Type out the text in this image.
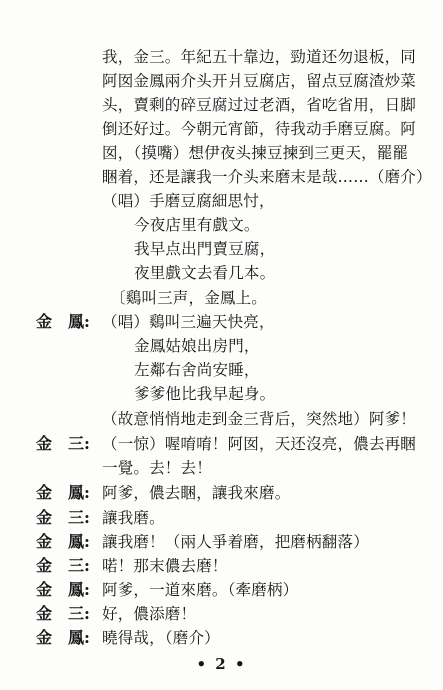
我，金三。年紀五十靠边，勁道还勿退板，同
阿囡金鳳兩介头开爿豆腐店，留点豆腐渣炒菜
头，賣剩的碎豆腐过过老酒，省吃省用，日脚
倒还好过。今朝元宵節，待我动手磨豆腐。阿
囡，（摸嘴）想伊夜头揀豆揀到三更天，罷罷
睏着，还是讓我一介头来磨末是哉……（磨介）
（唱）手磨豆腐細思忖，
今夜店里有戲文。
我早点出門賣豆腐，
夜里戲文去看几本。
〔鷄叫三声，金鳳上。
金　鳳: （唱）鷄叫三遍天快亮，
金鳳姑娘出房門，
左鄰右舍尚安睡，
爹爹他比我早起身。
（故意悄悄地走到金三背后，突然地）阿爹！
金　三: （一惊）喔唷唷！阿囡，天还沒亮，儂去再睏
一覺。去！去！
金　鳳: 阿爹，儂去睏，讓我來磨。
金　三: 讓我磨。
金　鳳: 讓我磨！（兩人爭着磨，把磨柄翻落）
金　三: 喏！那末儂去磨！
金　鳳: 阿爹，一道來磨。（牽磨柄）
金　三: 好，儂添磨！
金　鳳: 曉得哉，（磨介）
• 2 •
